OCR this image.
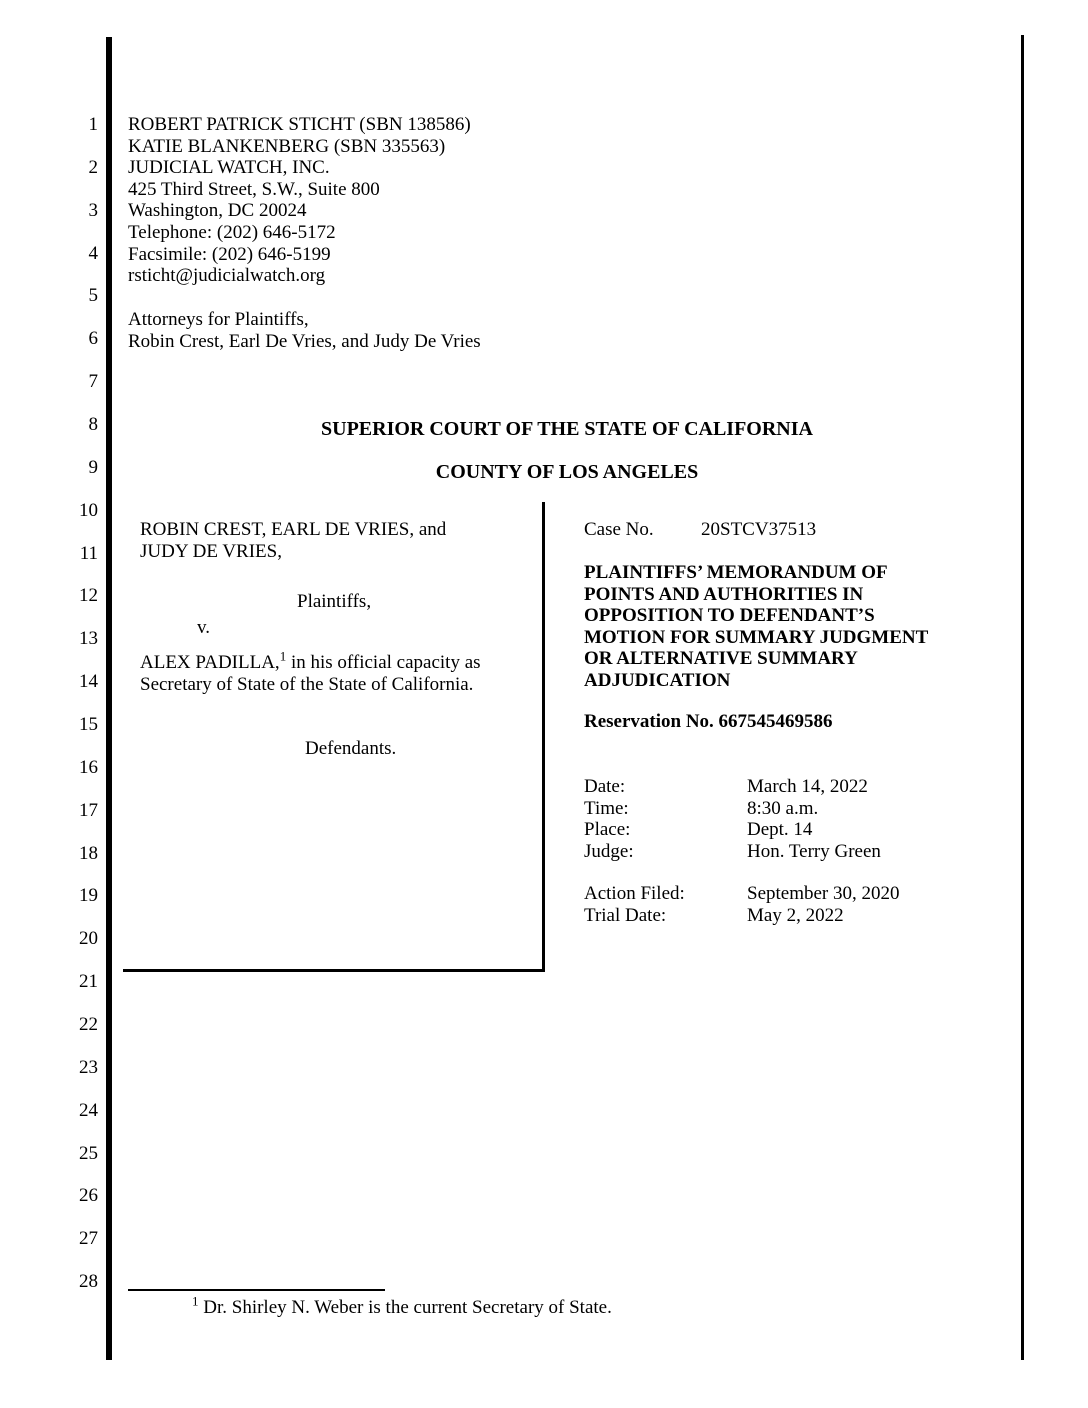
1
2
3
4
5
6
7
8
9
10
11
12
13
14
15
16
17
18
19
20
21
22
23
24
25
26
27
28
ROBERT PATRICK STICHT (SBN 138586)
KATIE BLANKENBERG (SBN 335563)
JUDICIAL WATCH, INC.
425 Third Street, S.W., Suite 800
Washington, DC 20024
Telephone: (202) 646-5172
Facsimile: (202) 646-5199
rsticht@judicialwatch.org
Attorneys for Plaintiffs,
Robin Crest, Earl De Vries, and Judy De Vries
SUPERIOR COURT OF THE STATE OF CALIFORNIA
COUNTY OF LOS ANGELES
ROBIN CREST, EARL DE VRIES, and
JUDY DE VRIES,
Plaintiffs,
v.
ALEX PADILLA,$^1$ in his official capacity as
Secretary of State of the State of California.
Defendants.
Case No. 20STCV37513
PLAINTIFFS’ MEMORANDUM OF
POINTS AND AUTHORITIES IN
OPPOSITION TO DEFENDANT’S
MOTION FOR SUMMARY JUDGMENT
OR ALTERNATIVE SUMMARY
ADJUDICATION
Reservation No. 667545469586
Date:	March 14, 2022
Time:	8:30 a.m.
Place:	Dept. 14
Judge:	Hon. Terry Green
Action Filed:	September 30, 2020
Trial Date:	May 2, 2022
$^1$ Dr. Shirley N. Weber is the current Secretary of State.
